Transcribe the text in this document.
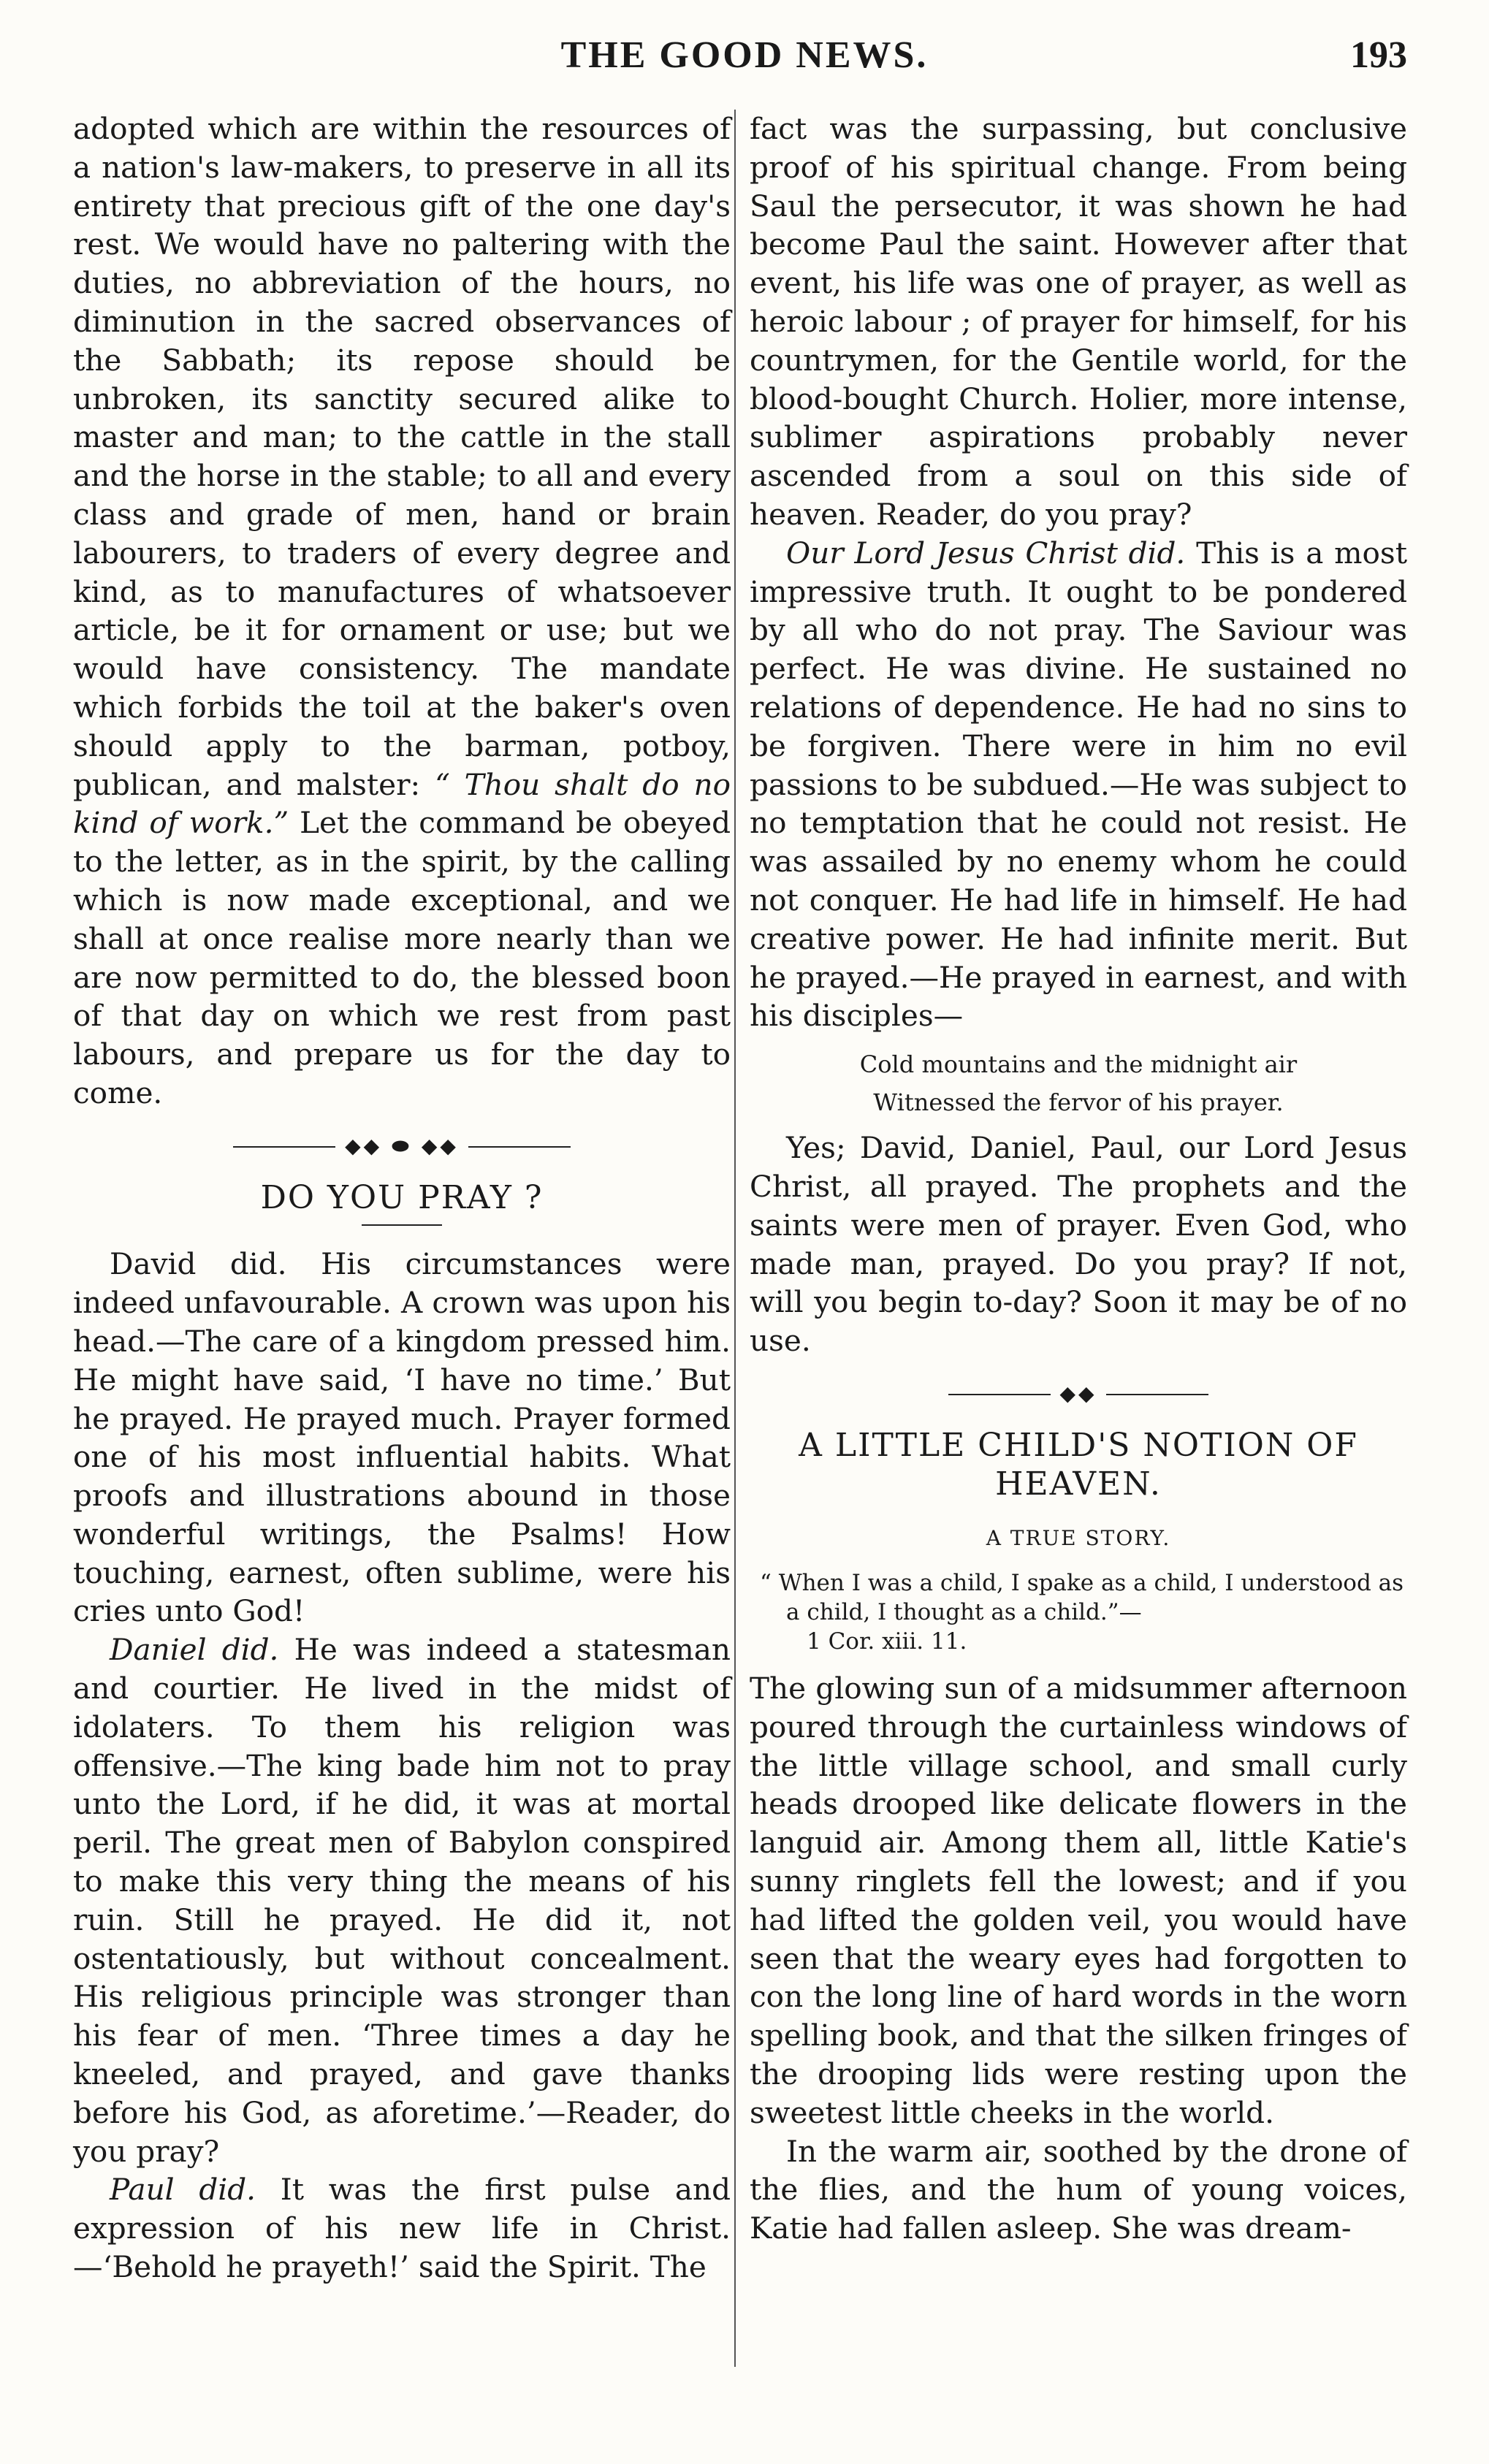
THE GOOD NEWS.	193

adopted which are within the resources of a nation's law-makers, to preserve in all its entirety that precious gift of the one day's rest. We would have no paltering with the duties, no abbreviation of the hours, no diminution in the sacred observances of the Sabbath; its repose should be unbroken, its sanctity secured alike to master and man; to the cattle in the stall and the horse in the stable; to all and every class and grade of men, hand or brain labourers, to traders of every degree and kind, as to manufactures of whatsoever article, be it for ornament or use; but we would have consistency. The mandate which forbids the toil at the baker's oven should apply to the barman, potboy, publican, and malster: “ Thou shalt do no kind of work.” Let the command be obeyed to the letter, as in the spirit, by the calling which is now made exceptional, and we shall at once realise more nearly than we are now permitted to do, the blessed boon of that day on which we rest from past labours, and prepare us for the day to come.

◆◆ ⬬ ◆◆
DO YOU PRAY ?

David did. His circumstances were indeed unfavourable. A crown was upon his head.—The care of a kingdom pressed him. He might have said, ‘I have no time.’ But he prayed. He prayed much. Prayer formed one of his most influential habits. What proofs and illustrations abound in those wonderful writings, the Psalms! How touching, earnest, often sublime, were his cries unto God!

Daniel did. He was indeed a statesman and courtier. He lived in the midst of idolaters. To them his religion was offensive.—The king bade him not to pray unto the Lord, if he did, it was at mortal peril. The great men of Babylon conspired to make this very thing the means of his ruin. Still he prayed. He did it, not ostentatiously, but without concealment. His religious principle was stronger than his fear of men. ‘Three times a day he kneeled, and prayed, and gave thanks before his God, as aforetime.’—Reader, do you pray?

Paul did. It was the first pulse and expression of his new life in Christ.—‘Behold he prayeth!’ said the Spirit. The

fact was the surpassing, but conclusive proof of his spiritual change. From being Saul the persecutor, it was shown he had become Paul the saint. However after that event, his life was one of prayer, as well as heroic labour ; of prayer for himself, for his countrymen, for the Gentile world, for the blood-bought Church. Holier, more intense, sublimer aspirations probably never ascended from a soul on this side of heaven. Reader, do you pray?

Our Lord Jesus Christ did. This is a most impressive truth. It ought to be pondered by all who do not pray. The Saviour was perfect. He was divine. He sustained no relations of dependence. He had no sins to be forgiven. There were in him no evil passions to be subdued.—He was subject to no temptation that he could not resist. He was assailed by no enemy whom he could not conquer. He had life in himself. He had creative power. He had infinite merit. But he prayed.—He prayed in earnest, and with his disciples—

Cold mountains and the midnight air
Witnessed the fervor of his prayer.

Yes; David, Daniel, Paul, our Lord Jesus Christ, all prayed. The prophets and the saints were men of prayer. Even God, who made man, prayed. Do you pray? If not, will you begin to-day? Soon it may be of no use.

◆◆
A LITTLE CHILD'S NOTION OF HEAVEN.
A TRUE STORY.
“ When I was a child, I spake as a child, I understood as a child, I thought as a child.”—
1 Cor. xiii. 11.

The glowing sun of a midsummer afternoon poured through the curtainless windows of the little village school, and small curly heads drooped like delicate flowers in the languid air. Among them all, little Katie's sunny ringlets fell the lowest; and if you had lifted the golden veil, you would have seen that the weary eyes had forgotten to con the long line of hard words in the worn spelling book, and that the silken fringes of the drooping lids were resting upon the sweetest little cheeks in the world.

In the warm air, soothed by the drone of the flies, and the hum of young voices, Katie had fallen asleep. She was dream-
